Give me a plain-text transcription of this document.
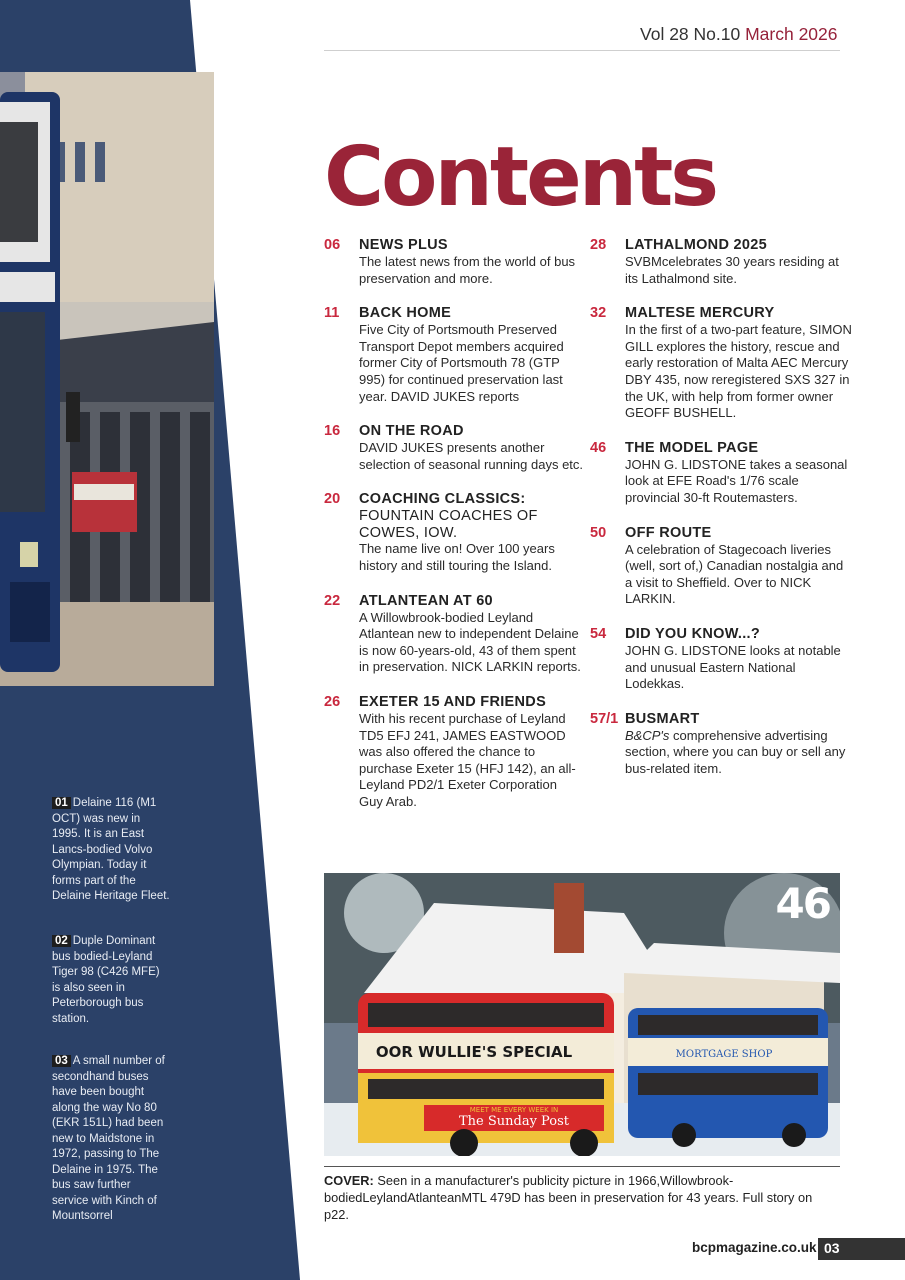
01 Delaine 116 (M1 OCT) was new in 1995. It is an East Lancs-bodied Volvo Olympian. Today it forms part of the Delaine Heritage Fleet.
02 Duple Dominant bus bodied-Leyland Tiger 98 (C426 MFE) is also seen in Peterborough bus station.
03 A small number of secondhand buses have been bought along the way No 80 (EKR 151L) had been new to Maidstone in 1972, passing to The Delaine in 1975. The bus saw further service with Kinch of Mountsorrel
Vol 28 No.10 March 2026
Contents
06 NEWS PLUS
The latest news from the world of bus preservation and more.
11 BACK HOME
Five City of Portsmouth Preserved Transport Depot members acquired former City of Portsmouth 78 (GTP 995) for continued preservation last year. DAVID JUKES reports
16 ON THE ROAD
DAVID JUKES presents another selection of seasonal running days etc.
20 COACHING CLASSICS:
FOUNTAIN COACHES OF COWES, IOW.
The name live on! Over 100 years history and still touring the Island.
22 ATLANTEAN AT 60
A Willowbrook-bodied Leyland Atlantean new to independent Delaine is now 60-years-old, 43 of them spent in preservation. NICK LARKIN reports.
26 EXETER 15 AND FRIENDS
With his recent purchase of Leyland TD5 EFJ 241, JAMES EASTWOOD was also offered the chance to purchase Exeter 15 (HFJ 142), an all-Leyland PD2/1 Exeter Corporation Guy Arab.
28 LATHALMOND 2025
SVBMcelebrates 30 years residing at its Lathalmond site.
32 MALTESE MERCURY
In the first of a two-part feature, SIMON GILL explores the history, rescue and early restoration of Malta AEC Mercury DBY 435, now reregistered SXS 327 in the UK, with help from former owner GEOFF BUSHELL.
46 THE MODEL PAGE
JOHN G. LIDSTONE takes a seasonal look at EFE Road's 1/76 scale provincial 30-ft Routemasters.
50 OFF ROUTE
A celebration of Stagecoach liveries (well, sort of,) Canadian nostalgia and a visit to Sheffield. Over to NICK LARKIN.
54 DID YOU KNOW...?
JOHN G. LIDSTONE looks at notable and unusual Eastern National Lodekkas.
57/1 BUSMART
B&CP's comprehensive advertising section, where you can buy or sell any bus-related item.
OOR WULLIE'S SPECIAL
MEET ME EVERY WEEK IN
The Sunday Post
MORTGAGE SHOP
46
COVER: Seen in a manufacturer's publicity picture in 1966,Willowbrook-bodiedLeylandAtlanteanMTL 479D has been in preservation for 43 years. Full story on p22.
bcpmagazine.co.uk 03
